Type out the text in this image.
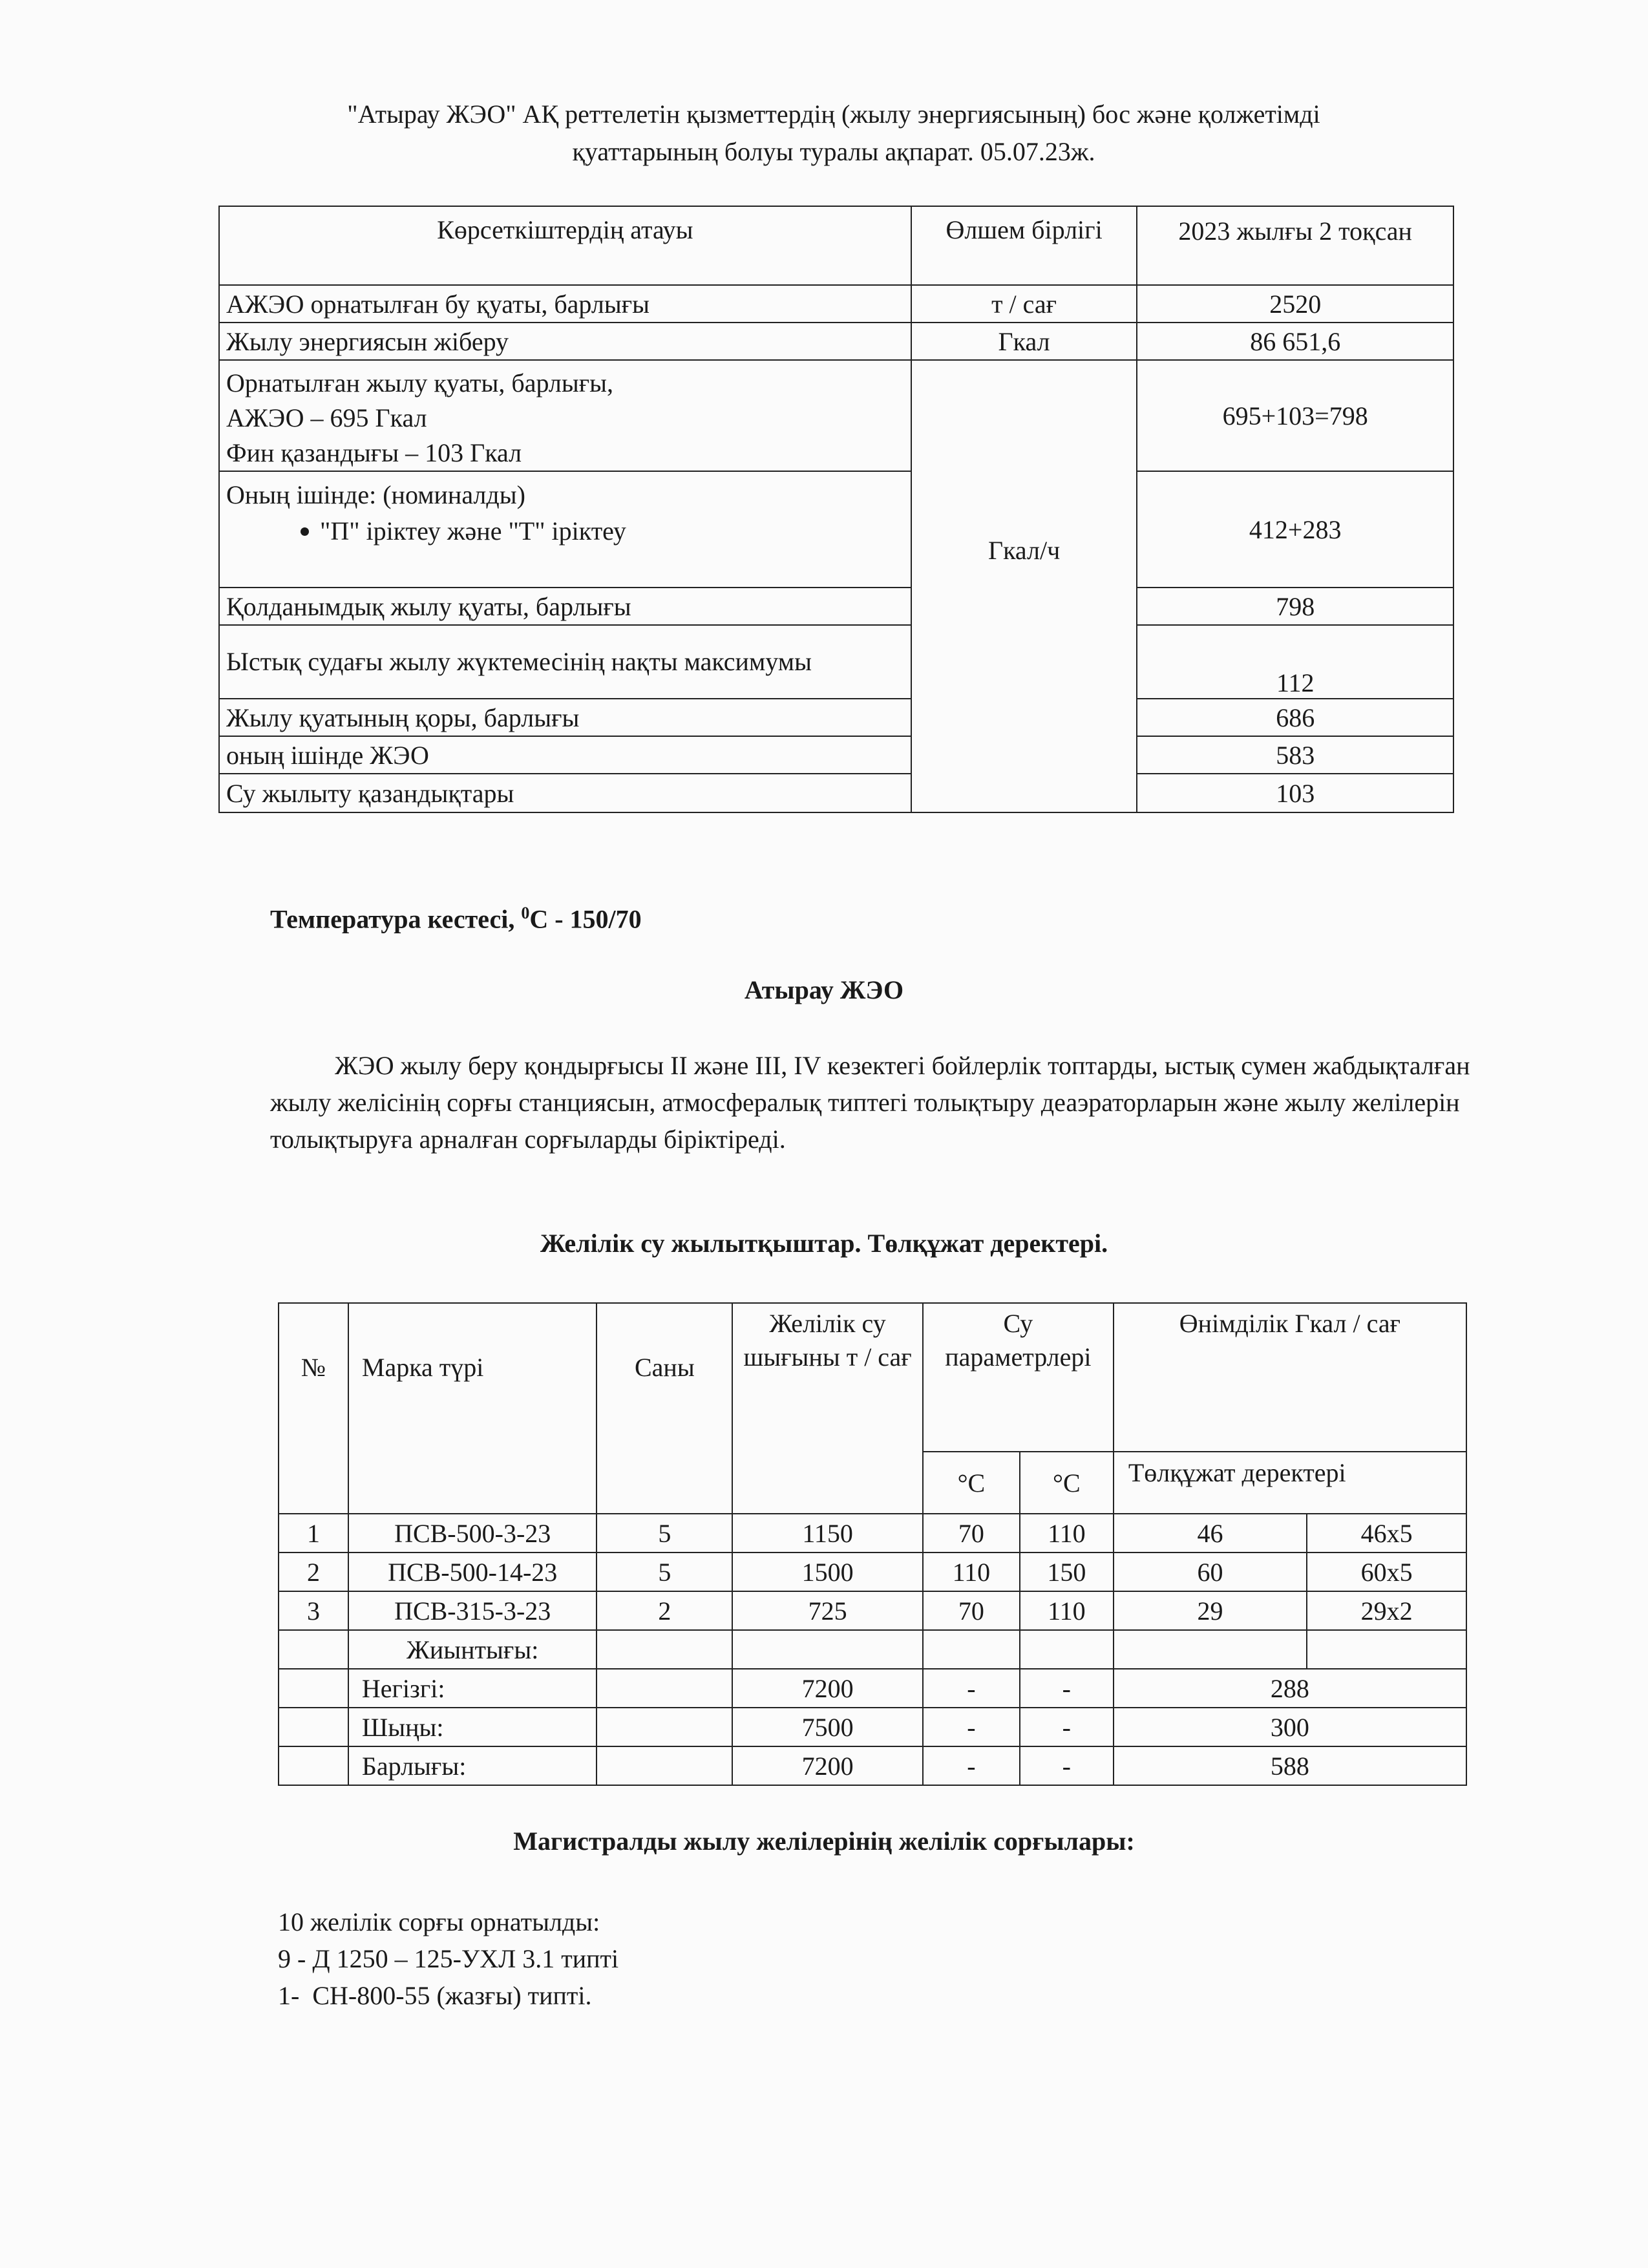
"Атырау ЖЭО" АҚ реттелетін қызметтердің (жылу энергиясының) бос және қолжетімді
қуаттарының болуы туралы ақпарат. 05.07.23ж.
Көрсеткіштердің атауы	Өлшем бірлігі	2023 жылғы 2 тоқсан
АЖЭО орнатылған бу қуаты, барлығы	т / сағ	2520
Жылу энергиясын жіберу	Гкал	86 651,6

Орнатылған жылу қуаты, барлығы,
АЖЭО – 695 Гкал
Фин қазандығы – 103 Гкал	Гкал/ч	695+103=798

Оның ішінде: (номиналды)
"П" іріктеу және "Т" іріктеу		412+283
Қолданымдық жылу қуаты, барлығы		798
Ыстық судағы жылу жүктемесінің нақты максимумы		112
Жылу қуатының қоры, барлығы		686
оның ішінде ЖЭО		583
Су жылыту қазандықтары		103
Температура кестесі, $^0$С - 150/70
Атырау ЖЭО
ЖЭО жылу беру қондырғысы II және III, IV кезектегі бойлерлік топтарды, ыстық сумен жабдықталған жылу желісінің сорғы станциясын, атмосфералық типтегі толықтыру деаэраторларын және жылу желілерін толықтыруға арналған сорғыларды біріктіреді.
Желілік су жылытқыштар. Төлқұжат деректері.
№	Марка түрі	Саны	Желілік су шығыны т / сағ	Су параметрлері		Өнімділік Гкал / сағ	
				°С	°С	Төлқұжат деректері	
1	ПСВ-500-3-23	5	1150	70	110	46	46х5
2	ПСВ-500-14-23	5	1500	110	150	60	60х5
3	ПСВ-315-3-23	2	725	70	110	29	29х2
	Жиынтығы:						
	Негізгі:		7200	-	-	288	
	Шыңы:		7500	-	-	300	
	Барлығы:		7200	-	-	588	
Магистралды жылу желілерінің желілік сорғылары:
10 желілік сорғы орнатылды:
9 - Д 1250 – 125-УХЛ 3.1 типті
1-  СН-800-55 (жазғы) типті.
